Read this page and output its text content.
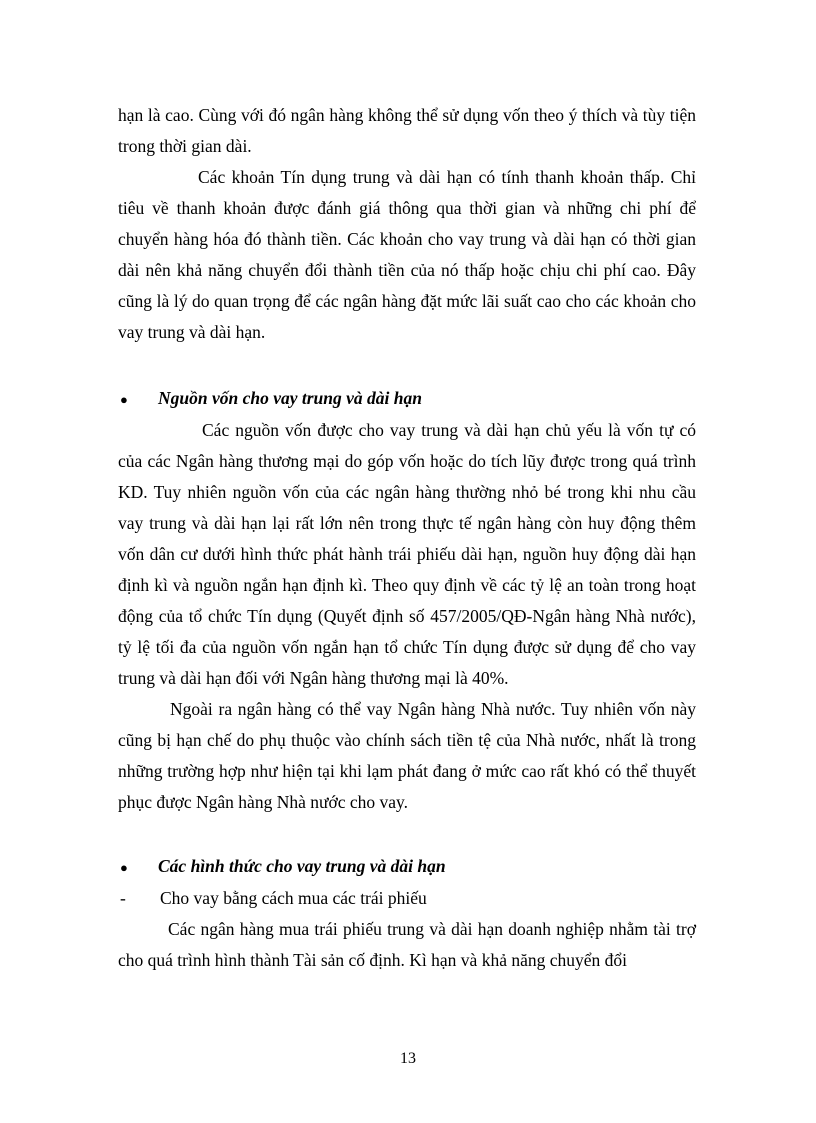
hạn là cao. Cùng với đó ngân hàng không thể sử dụng vốn theo ý thích và tùy tiện trong thời gian dài.

Các khoản Tín dụng trung và dài hạn có tính thanh khoản thấp. Chỉ tiêu về thanh khoản được đánh giá thông qua thời gian và những chi phí để chuyển hàng hóa đó thành tiền. Các khoản cho vay trung và dài hạn có thời gian dài nên khả năng chuyển đổi thành tiền của nó thấp hoặc chịu chi phí cao. Đây cũng là lý do quan trọng để các ngân hàng đặt mức lãi suất cao cho các khoản cho vay trung và dài hạn.

●	Nguồn vốn cho vay trung và dài hạn

Các nguồn vốn được cho vay trung và dài hạn chủ yếu là vốn tự có của các Ngân hàng thương mại do góp vốn hoặc do tích lũy được trong quá trình KD. Tuy nhiên nguồn vốn của các ngân hàng thường nhỏ bé trong khi nhu cầu vay trung và dài hạn lại rất lớn nên trong thực tế ngân hàng còn huy động thêm vốn dân cư dưới hình thức phát hành trái phiếu dài hạn, nguồn huy động dài hạn định kì và nguồn ngắn hạn định kì. Theo quy định về các tỷ lệ an toàn trong hoạt động của tổ chức Tín dụng (Quyết định số 457/2005/QĐ-Ngân hàng Nhà nước), tỷ lệ tối đa của nguồn vốn ngắn hạn tổ chức Tín dụng được sử dụng để cho vay trung và dài hạn đối với Ngân hàng thương mại là 40%.

Ngoài ra ngân hàng có thể vay Ngân hàng Nhà nước. Tuy nhiên vốn này cũng bị hạn chế do phụ thuộc vào chính sách tiền tệ của Nhà nước, nhất là trong những trường hợp như hiện tại khi lạm phát đang ở mức cao rất khó có thể thuyết phục được Ngân hàng Nhà nước cho vay.

●	Các hình thức cho vay trung và dài hạn

-	Cho vay bằng cách mua các trái phiếu

Các ngân hàng mua trái phiếu trung và dài hạn doanh nghiệp nhằm tài trợ cho quá trình hình thành Tài sản cố định. Kì hạn và khả năng chuyển đổi

13
